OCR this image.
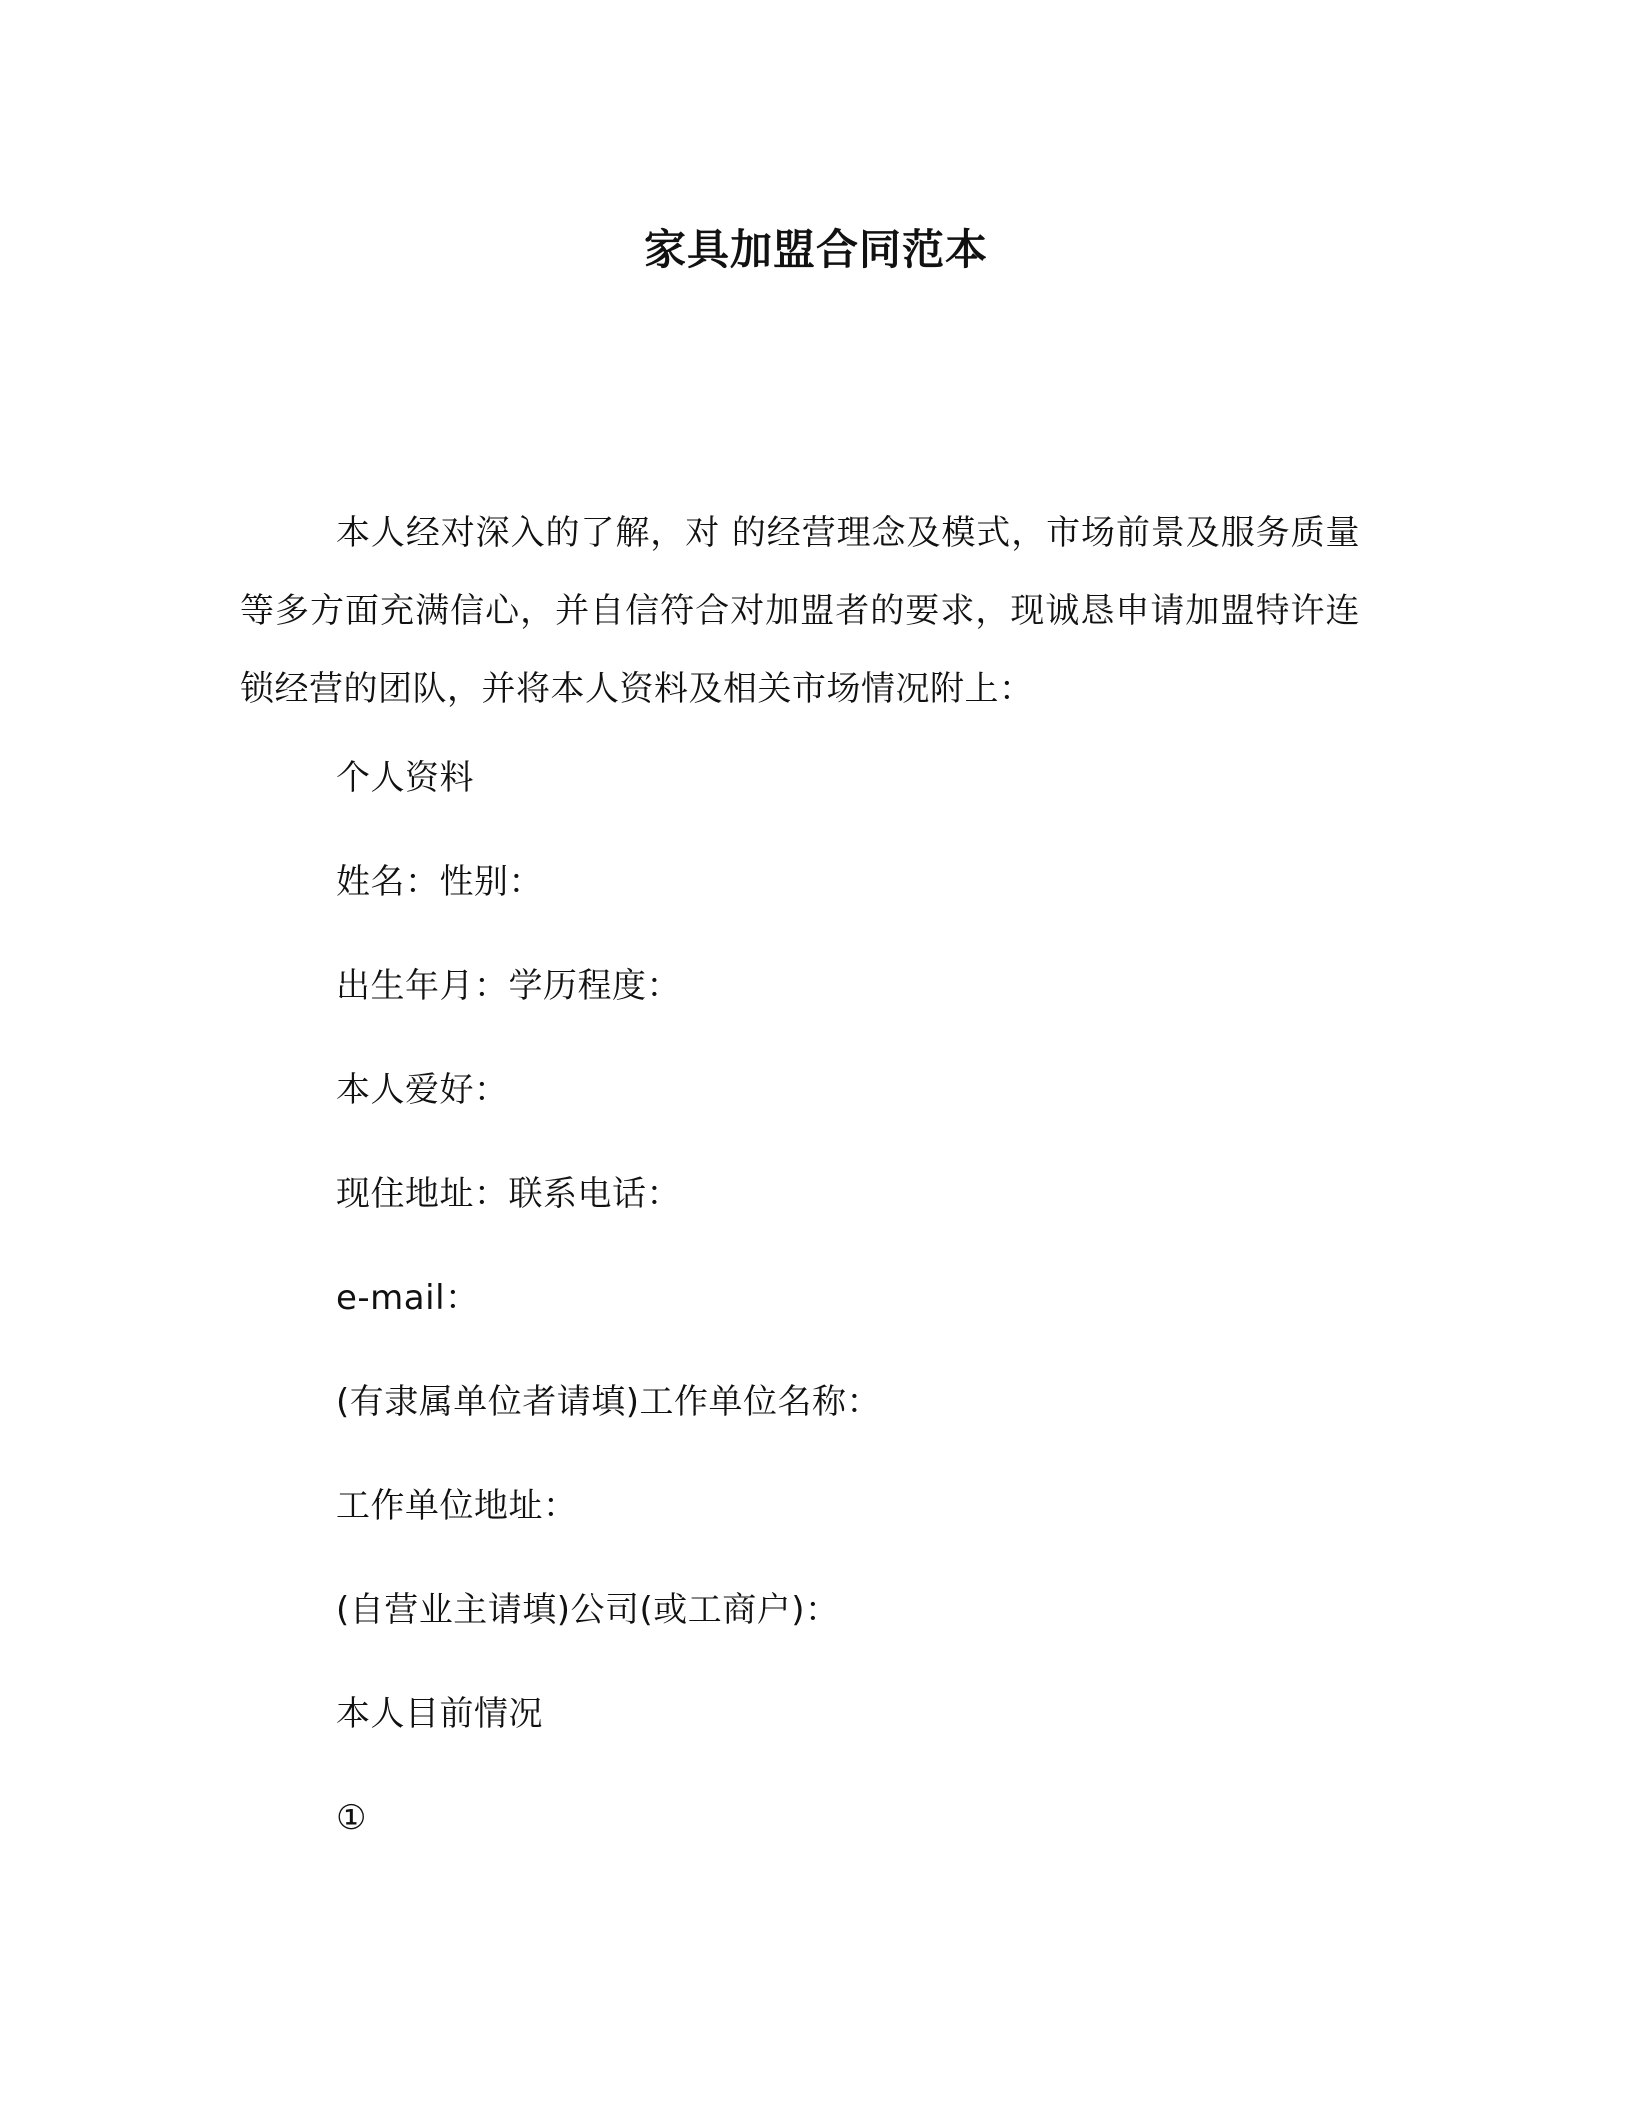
家具加盟合同范本
本人经对深入的了解，对 的经营理念及模式，市场前景及服务质量等多方面充满信心，并自信符合对加盟者的要求，现诚恳申请加盟特许连锁经营的团队，并将本人资料及相关市场情况附上：
个人资料
姓名：性别：
出生年月：学历程度：
本人爱好：
现住地址：联系电话：
e-mail：
(有隶属单位者请填)工作单位名称：
工作单位地址：
(自营业主请填)公司(或工商户)：
本人目前情况
①
